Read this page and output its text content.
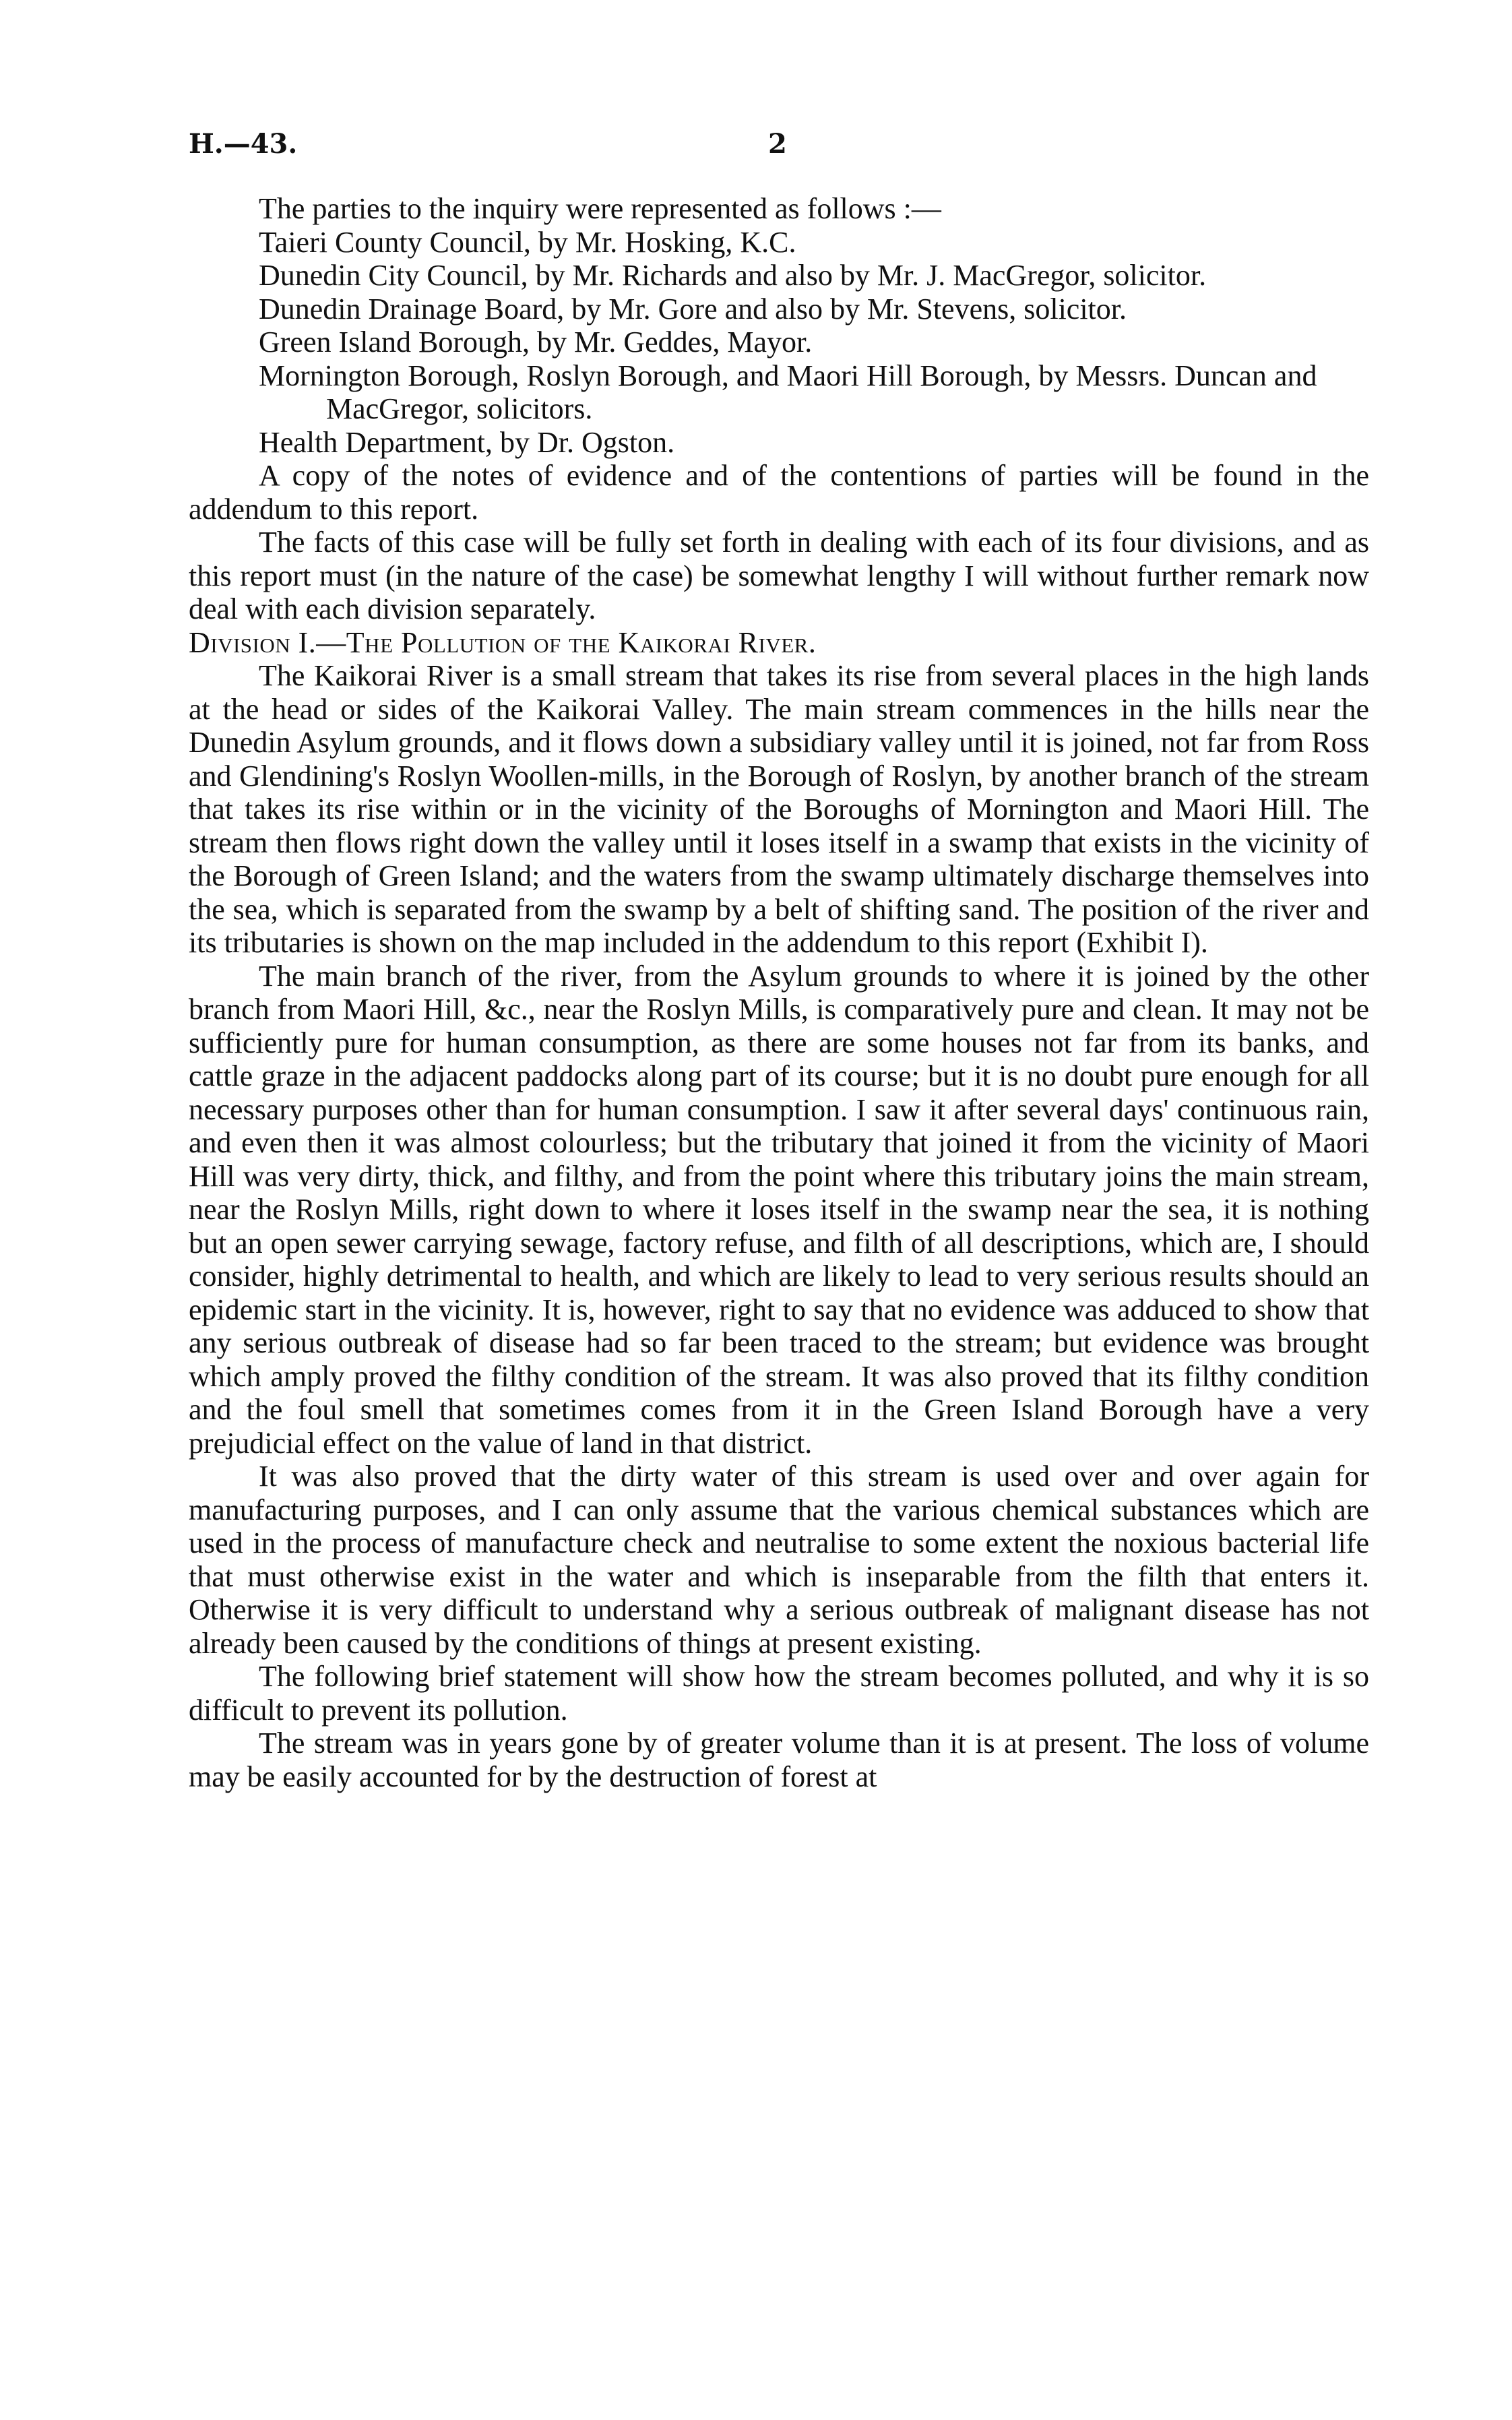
H.—43.	2

The parties to the inquiry were represented as follows :—

Taieri County Council, by Mr. Hosking, K.C.
Dunedin City Council, by Mr. Richards and also by Mr. J. MacGregor, solicitor.
Dunedin Drainage Board, by Mr. Gore and also by Mr. Stevens, solicitor.
Green Island Borough, by Mr. Geddes, Mayor.
Mornington Borough, Roslyn Borough, and Maori Hill Borough, by Messrs. Duncan and MacGregor, solicitors.
Health Department, by Dr. Ogston.

A copy of the notes of evidence and of the contentions of parties will be found in the addendum to this report.

The facts of this case will be fully set forth in dealing with each of its four divisions, and as this report must (in the nature of the case) be somewhat lengthy I will without further remark now deal with each division separately.

Division I.—The Pollution of the Kaikorai River.

The Kaikorai River is a small stream that takes its rise from several places in the high lands at the head or sides of the Kaikorai Valley. The main stream commences in the hills near the Dunedin Asylum grounds, and it flows down a subsidiary valley until it is joined, not far from Ross and Glendining's Roslyn Woollen-mills, in the Borough of Roslyn, by another branch of the stream that takes its rise within or in the vicinity of the Boroughs of Mornington and Maori Hill. The stream then flows right down the valley until it loses itself in a swamp that exists in the vicinity of the Borough of Green Island; and the waters from the swamp ultimately discharge themselves into the sea, which is separated from the swamp by a belt of shifting sand. The position of the river and its tributaries is shown on the map included in the addendum to this report (Exhibit I).

The main branch of the river, from the Asylum grounds to where it is joined by the other branch from Maori Hill, &c., near the Roslyn Mills, is comparatively pure and clean. It may not be sufficiently pure for human consumption, as there are some houses not far from its banks, and cattle graze in the adjacent paddocks along part of its course; but it is no doubt pure enough for all necessary purposes other than for human consumption. I saw it after several days' continuous rain, and even then it was almost colourless; but the tributary that joined it from the vicinity of Maori Hill was very dirty, thick, and filthy, and from the point where this tributary joins the main stream, near the Roslyn Mills, right down to where it loses itself in the swamp near the sea, it is nothing but an open sewer carrying sewage, factory refuse, and filth of all descriptions, which are, I should consider, highly detrimental to health, and which are likely to lead to very serious results should an epidemic start in the vicinity. It is, however, right to say that no evidence was adduced to show that any serious outbreak of disease had so far been traced to the stream; but evidence was brought which amply proved the filthy condition of the stream. It was also proved that its filthy condition and the foul smell that sometimes comes from it in the Green Island Borough have a very prejudicial effect on the value of land in that district.

It was also proved that the dirty water of this stream is used over and over again for manufacturing purposes, and I can only assume that the various chemical substances which are used in the process of manufacture check and neutralise to some extent the noxious bacterial life that must otherwise exist in the water and which is inseparable from the filth that enters it. Otherwise it is very difficult to understand why a serious outbreak of malignant disease has not already been caused by the conditions of things at present existing.

The following brief statement will show how the stream becomes polluted, and why it is so difficult to prevent its pollution.

The stream was in years gone by of greater volume than it is at present. The loss of volume may be easily accounted for by the destruction of forest at
